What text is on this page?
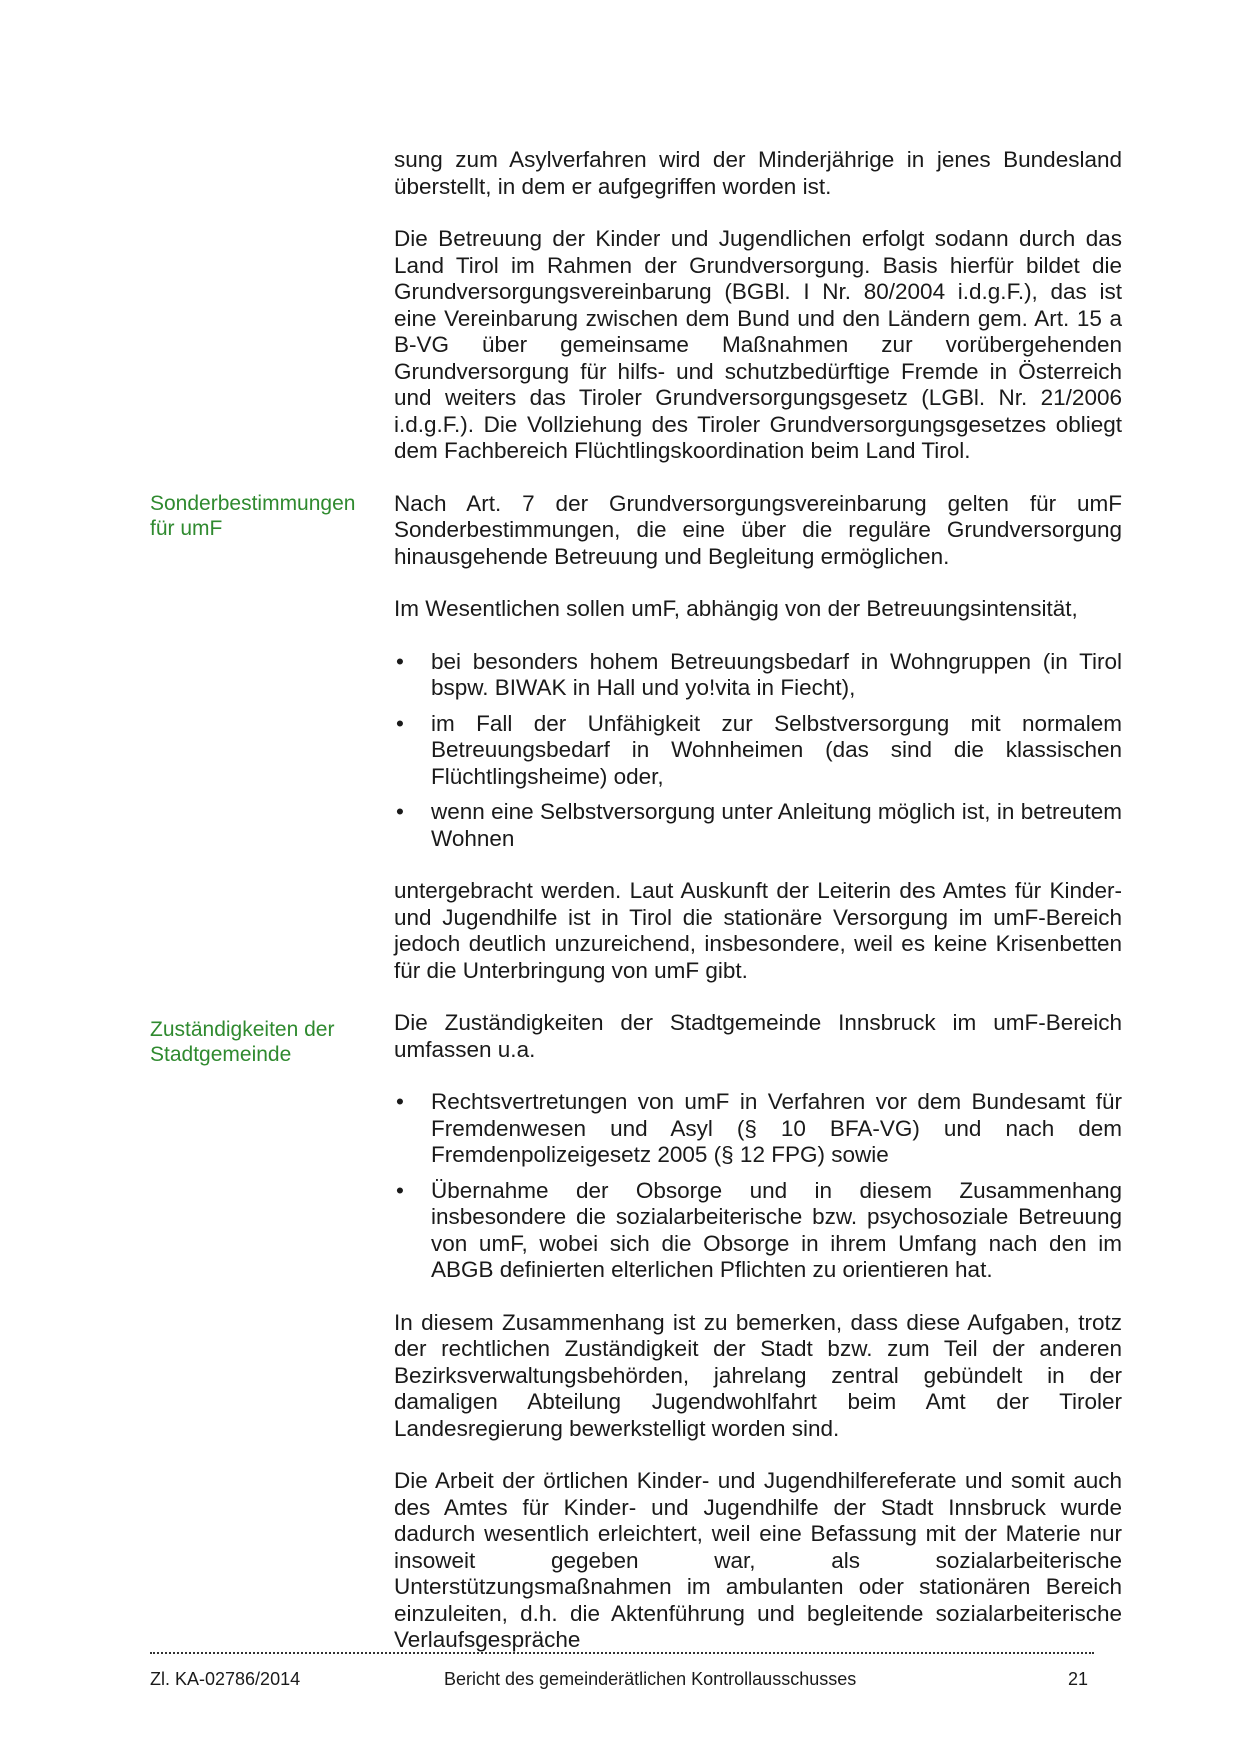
Sonderbestimmungen
für umF
Zuständigkeiten der
Stadtgemeinde

sung zum Asylverfahren wird der Minderjährige in jenes Bundesland überstellt, in dem er aufgegriffen worden ist.

Die Betreuung der Kinder und Jugendlichen erfolgt sodann durch das Land Tirol im Rahmen der Grundversorgung. Basis hierfür bildet die Grundversorgungsvereinbarung (BGBl. I Nr. 80/2004 i.d.g.F.), das ist eine Vereinbarung zwischen dem Bund und den Ländern gem. Art. 15 a B-VG über gemeinsame Maßnahmen zur vorübergehenden Grundversorgung für hilfs- und schutzbedürftige Fremde in Österreich und weiters das Tiroler Grundversorgungsgesetz (LGBl. Nr. 21/2006 i.d.g.F.). Die Vollziehung des Tiroler Grundversorgungsgesetzes obliegt dem Fachbereich Flüchtlingskoordination beim Land Tirol.

Nach Art. 7 der Grundversorgungsvereinbarung gelten für umF Sonderbestimmungen, die eine über die reguläre Grundversorgung hinausgehende Betreuung und Begleitung ermöglichen.

Im Wesentlichen sollen umF, abhängig von der Betreuungsintensität,

• bei besonders hohem Betreuungsbedarf in Wohngruppen (in Tirol bspw. BIWAK in Hall und yo!vita in Fiecht),
• im Fall der Unfähigkeit zur Selbstversorgung mit normalem Betreuungsbedarf in Wohnheimen (das sind die klassischen Flüchtlingsheime) oder,
• wenn eine Selbstversorgung unter Anleitung möglich ist, in betreutem Wohnen

untergebracht werden. Laut Auskunft der Leiterin des Amtes für Kinder- und Jugendhilfe ist in Tirol die stationäre Versorgung im umF-Bereich jedoch deutlich unzureichend, insbesondere, weil es keine Krisenbetten für die Unterbringung von umF gibt.

Die Zuständigkeiten der Stadtgemeinde Innsbruck im umF-Bereich umfassen u.a.

• Rechtsvertretungen von umF in Verfahren vor dem Bundesamt für Fremdenwesen und Asyl (§ 10 BFA-VG) und nach dem Fremdenpolizeigesetz 2005 (§ 12 FPG) sowie
• Übernahme der Obsorge und in diesem Zusammenhang insbesondere die sozialarbeiterische bzw. psychosoziale Betreuung von umF, wobei sich die Obsorge in ihrem Umfang nach den im ABGB definierten elterlichen Pflichten zu orientieren hat.

In diesem Zusammenhang ist zu bemerken, dass diese Aufgaben, trotz der rechtlichen Zuständigkeit der Stadt bzw. zum Teil der anderen Bezirksverwaltungsbehörden, jahrelang zentral gebündelt in der damaligen Abteilung Jugendwohlfahrt beim Amt der Tiroler Landesregierung bewerkstelligt worden sind.

Die Arbeit der örtlichen Kinder- und Jugendhilfereferate und somit auch des Amtes für Kinder- und Jugendhilfe der Stadt Innsbruck wurde dadurch wesentlich erleichtert, weil eine Befassung mit der Materie nur insoweit gegeben war, als sozialarbeiterische Unterstützungsmaßnahmen im ambulanten oder stationären Bereich einzuleiten, d.h. die Aktenführung und begleitende sozialarbeiterische Verlaufsgespräche

Zl. KA-02786/2014	Bericht des gemeinderätlichen Kontrollausschusses	21
